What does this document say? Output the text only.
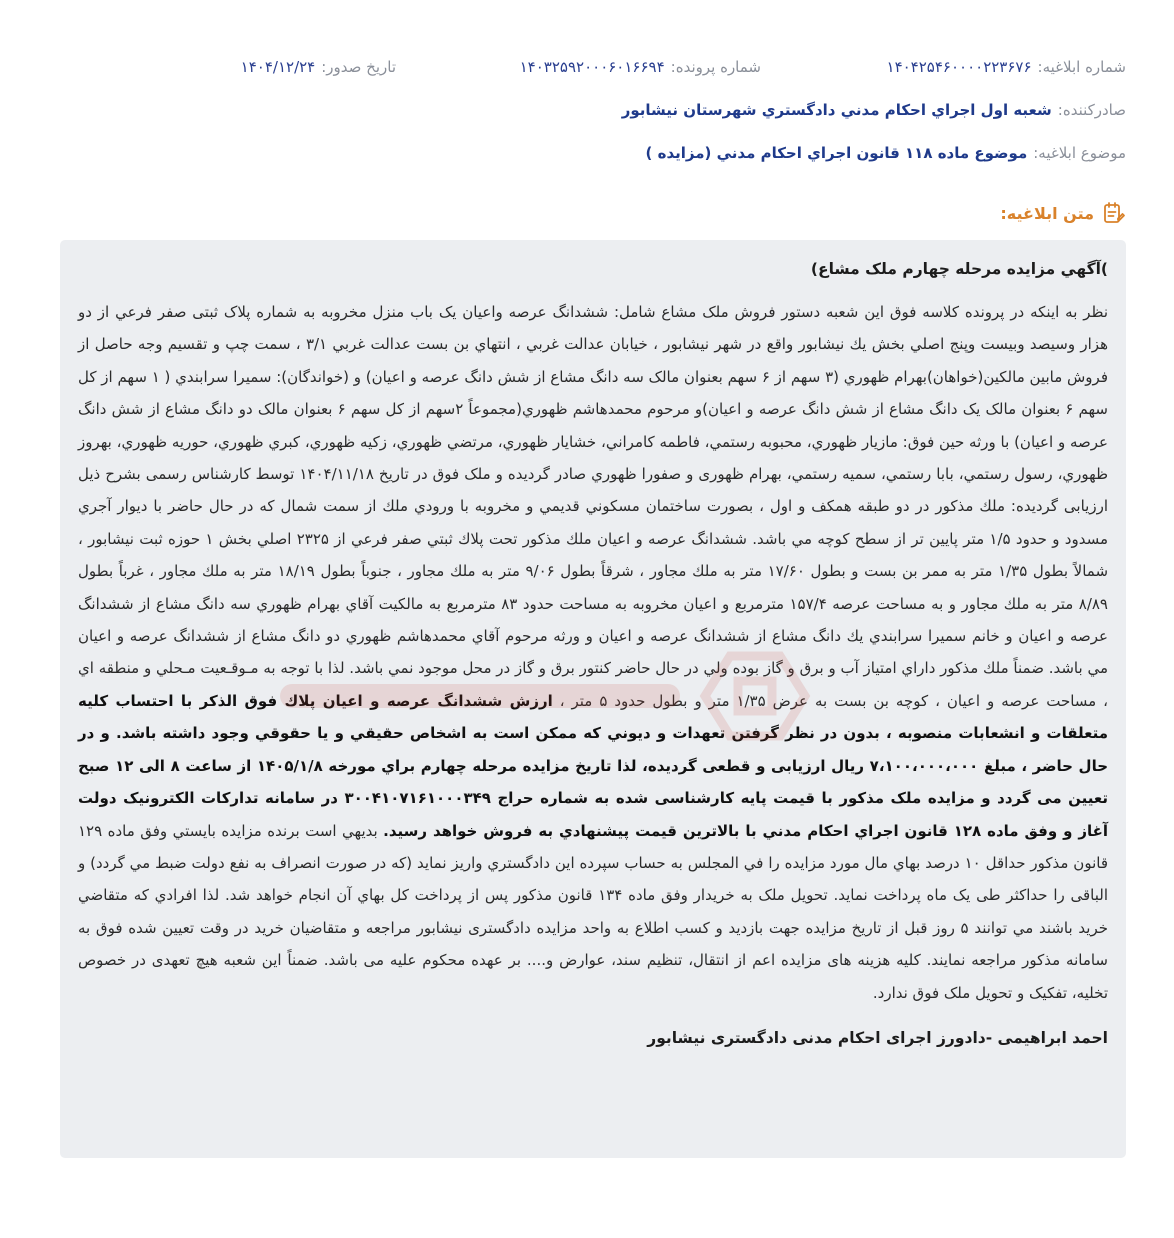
شماره ابلاغیه:
۱۴۰۴۲۵۴۶۰۰۰۰۲۲۳۶۷۶
شماره پرونده:
۱۴۰۳۲۵۹۲۰۰۰۶۰۱۶۶۹۴
تاریخ صدور:
۱۴۰۴/۱۲/۲۴
صادرکننده:
شعبه اول اجراي احکام مدني دادگستري شهرستان نيشابور
موضوع ابلاغیه:
موضوع ماده ۱۱۸ قانون اجراي احکام مدني (مزايده )
متن ابلاغیه:
)آگهي مزايده مرحله چهارم ملک مشاع)

نظر به اينكه در پرونده كلاسه فوق اين شعبه دستور فروش ملک مشاع شامل: ششدانگ عرصه واعيان يک باب منزل مخروبه به شماره پلاک ثبتی صفر فرعي از دو هزار وسيصد وبيست وپنج اصلي بخش يك نيشابور واقع در شهر نيشابور ، خيابان عدالت غربي ، انتهاي بن بست عدالت غربي ۳/۱ ، سمت چپ و تقسيم وجه حاصل از فروش مابين مالکين(خواهان)بهرام ظهوري (۳ سهم از ۶ سهم بعنوان مالک سه دانگ مشاع از شش دانگ عرصه و اعيان) و (خواندگان): سميرا سرابندي ( ۱ سهم از کل سهم ۶ بعنوان مالک يک دانگ مشاع از شش دانگ عرصه و اعيان)و مرحوم محمدهاشم ظهوري(مجموعاً ۲سهم از کل سهم ۶ بعنوان مالک دو دانگ مشاع از شش دانگ عرصه و اعيان) با ورثه حين فوق: مازيار ظهوري، محبوبه رستمي، فاطمه كامراني، خشايار ظهوري، مرتضي ظهوري، زكيه ظهوري، كبري ظهوري، حوريه ظهوري، بهروز ظهوري، رسول رستمي، بابا رستمي، سميه رستمي، بهرام ظهوری و صفورا ظهوري صادر گرديده و ملک فوق در تاريخ ۱۴۰۴/۱۱/۱۸ توسط كارشناس رسمی بشرح ذيل ارزيابی گرديده: ملك مذكور در دو طبقه همكف و اول ، بصورت ساختمان مسكوني قديمي و مخروبه با ورودي ملك از سمت شمال كه در حال حاضر با ديوار آجري مسدود و حدود ۱/۵ متر پايين تر از سطح كوچه مي باشد. ششدانگ عرصه و اعيان ملك مذكور تحت پلاك ثبتي صفر فرعي از ۲۳۲۵ اصلي بخش ۱ حوزه ثبت نيشابور ، شمالاً بطول ۱/۳۵ متر به ممر بن بست و بطول ۱۷/۶۰ متر به ملك مجاور ، شرقاً بطول ۹/۰۶ متر به ملك مجاور ، جنوباً بطول ۱۸/۱۹ متر به ملك مجاور ، غرباً بطول ۸/۸۹ متر به ملك مجاور و به مساحت عرصه ۱۵۷/۴ مترمربع و اعيان مخروبه به مساحت حدود ۸۳ مترمربع به مالكيت آقاي بهرام ظهوري سه دانگ مشاع از ششدانگ عرصه و اعيان و خانم سميرا سرابندي يك دانگ مشاع از ششدانگ عرصه و اعيان و ورثه مرحوم آقاي محمدهاشم ظهوري دو دانگ مشاع از ششدانگ عرصه و اعيان مي باشد. ضمناً ملك مذكور داراي امتياز آب و برق و گاز بوده ولي در حال حاضر كنتور برق و گاز در محل موجود نمي باشد. لذا با توجه به مـوقـعيت مـحلي و منطقه اي ، مساحت عرصه و اعيان ، كوچه بن بست به عرض ۱/۳۵ متر و بطول حدود ۵ متر ، ارزش ششدانگ عرصه و اعيان پلاك فوق الذكر با احتساب كليه متعلقات و انشعابات منصوبه ، بدون در نظر گرفتن تعهدات و ديوني كه ممكن است به اشخاص حقيقي و يا حقوقي وجود داشته باشد. و در حال حاضر ، مبلغ ۷،۱۰۰،۰۰۰،۰۰۰ ريال ارزيابی و قطعی گرديده، لذا تاريخ مزايده مرحله چهارم براي مورخه ۱۴۰۵/۱/۸ از ساعت ۸ الی ۱۲ صبح تعيين می گردد و مزايده ملک مذکور با قيمت پايه کارشناسی شده به شماره حراج ۳۰۰۴۱۰۷۱۶۱۰۰۰۳۴۹ در سامانه تدارکات الکترونيک دولت آغاز و وفق ماده ۱۲۸ قانون اجراي احكام مدني با بالاترين قيمت پيشنهادي به فروش خواهد رسيد. بديهي است برنده مزايده بايستي وفق ماده ۱۲۹ قانون مذكور حداقل ۱۰ درصد بهاي مال مورد مزايده را في المجلس به حساب سپرده اين دادگستري واريز نمايد (كه در صورت انصراف به نفع دولت ضبط مي گردد) و الباقی را حداكثر طی يک ماه پرداخت نمايد. تحويل ملک به خريدار وفق ماده ۱۳۴ قانون مذكور پس از پرداخت كل بهاي آن انجام خواهد شد. لذا افرادي كه متقاضي خريد باشند مي توانند ۵ روز قبل از تاريخ مزايده جهت بازديد و كسب اطلاع به واحد مزايده دادگستری نيشابور مراجعه و متقاضيان خريد در وقت تعيين شده فوق به سامانه مذكور مراجعه نمايند. کليه هزينه های مزايده اعم از انتقال، تنظيم سند، عوارض و.... بر عهده محکوم عليه می باشد. ضمناً اين شعبه هيچ تعهدی در خصوص تخليه، تفکيک و تحويل ملک فوق ندارد.

احمد ابراهيمی -دادورز اجرای احکام مدنی دادگستری نيشابور
